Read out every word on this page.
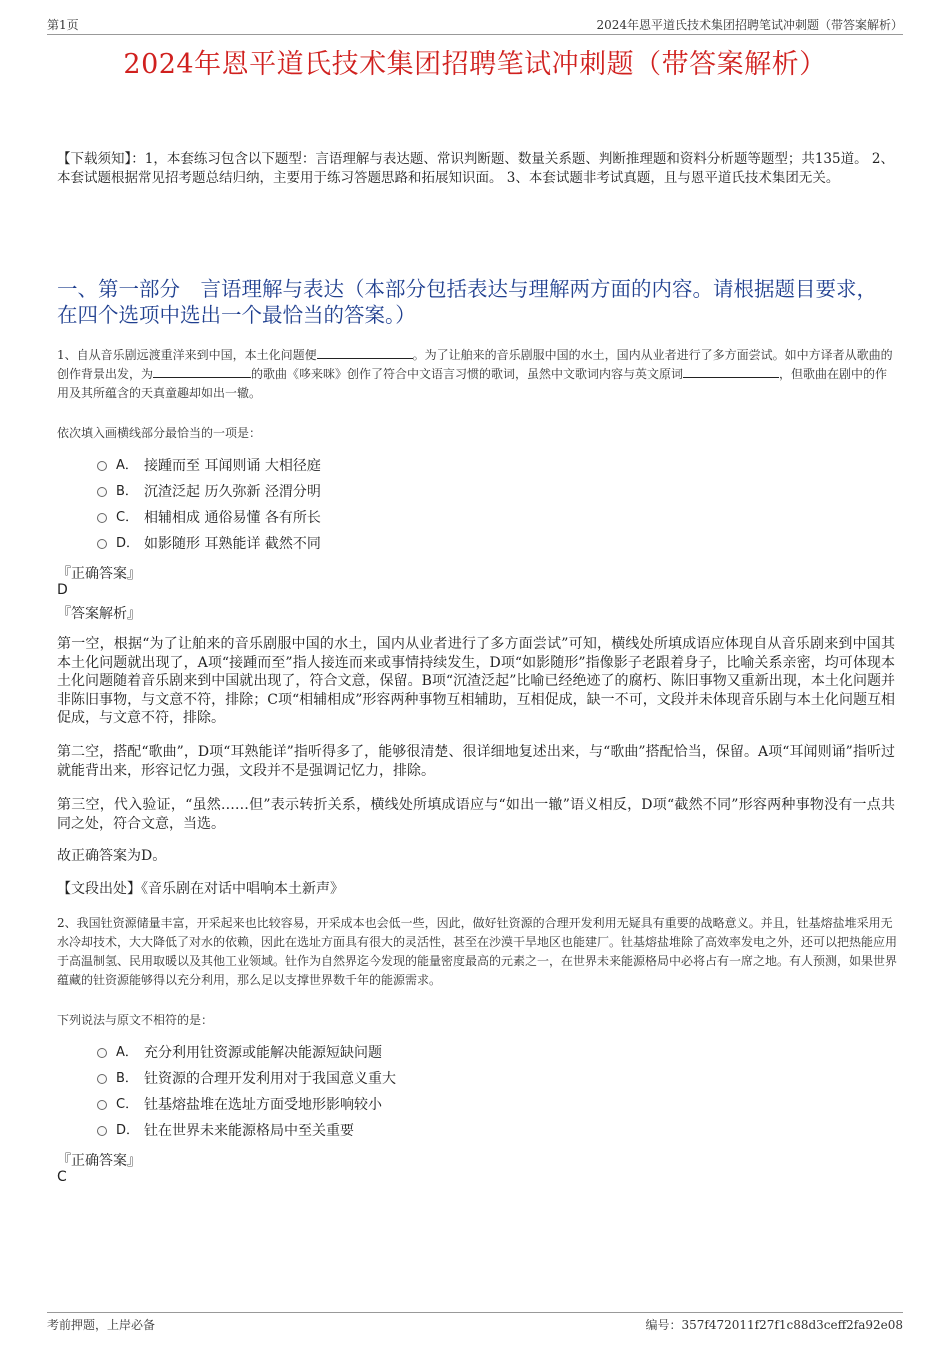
第1页	2024年恩平道氏技术集团招聘笔试冲刺题（带答案解析）
2024年恩平道氏技术集团招聘笔试冲刺题（带答案解析）
【下载须知】：1，本套练习包含以下题型：言语理解与表达题、常识判断题、数量关系题、判断推理题和资料分析题等题型；共135道。 2、本套试题根据常见招考题总结归纳，主要用于练习答题思路和拓展知识面。 3、本套试题非考试真题，且与恩平道氏技术集团无关。
一、第一部分　言语理解与表达（本部分包括表达与理解两方面的内容。请根据题目要求，在四个选项中选出一个最恰当的答案。）
1、自从音乐剧远渡重洋来到中国，本土化问题便	。为了让舶来的音乐剧服中国的水土，国内从业者进行了多方面尝试。如中方译者从歌曲的创作背景出发，为	的歌曲《哆来咪》创作了符合中文语言习惯的歌词，虽然中文歌词内容与英文原词	，但歌曲在剧中的作用及其所蕴含的天真童趣却如出一辙。
依次填入画横线部分最恰当的一项是：
A． 接踵而至 耳闻则诵 大相径庭
B． 沉渣泛起 历久弥新 泾渭分明
C． 相辅相成 通俗易懂 各有所长
D． 如影随形 耳熟能详 截然不同
『正确答案』
D
『答案解析』
第一空，根据“为了让舶来的音乐剧服中国的水土，国内从业者进行了多方面尝试”可知，横线处所填成语应体现自从音乐剧来到中国其本土化问题就出现了，A项“接踵而至”指人接连而来或事情持续发生，D项“如影随形”指像影子老跟着身子，比喻关系亲密，均可体现本土化问题随着音乐剧来到中国就出现了，符合文意，保留。B项“沉渣泛起”比喻已经绝迹了的腐朽、陈旧事物又重新出现，本土化问题并非陈旧事物，与文意不符，排除；C项“相辅相成”形容两种事物互相辅助，互相促成，缺一不可，文段并未体现音乐剧与本土化问题互相促成，与文意不符，排除。
第二空，搭配“歌曲”，D项“耳熟能详”指听得多了，能够很清楚、很详细地复述出来，与“歌曲”搭配恰当，保留。A项“耳闻则诵”指听过就能背出来，形容记忆力强，文段并不是强调记忆力，排除。
第三空，代入验证，“虽然……但”表示转折关系，横线处所填成语应与“如出一辙”语义相反，D项“截然不同”形容两种事物没有一点共同之处，符合文意，当选。
故正确答案为D。
【文段出处】《音乐剧在对话中唱响本土新声》
2、我国钍资源储量丰富，开采起来也比较容易，开采成本也会低一些，因此，做好钍资源的合理开发利用无疑具有重要的战略意义。并且，钍基熔盐堆采用无水冷却技术，大大降低了对水的依赖，因此在选址方面具有很大的灵活性，甚至在沙漠干旱地区也能建厂。钍基熔盐堆除了高效率发电之外，还可以把热能应用于高温制氢、民用取暖以及其他工业领域。钍作为自然界迄今发现的能量密度最高的元素之一，在世界未来能源格局中必将占有一席之地。有人预测，如果世界蕴藏的钍资源能够得以充分利用，那么足以支撑世界数千年的能源需求。
下列说法与原文不相符的是：
A． 充分利用钍资源或能解决能源短缺问题
B． 钍资源的合理开发利用对于我国意义重大
C． 钍基熔盐堆在选址方面受地形影响较小
D． 钍在世界未来能源格局中至关重要
『正确答案』
C
考前押题，上岸必备	编号：357f472011f27f1c88d3ceff2fa92e08
